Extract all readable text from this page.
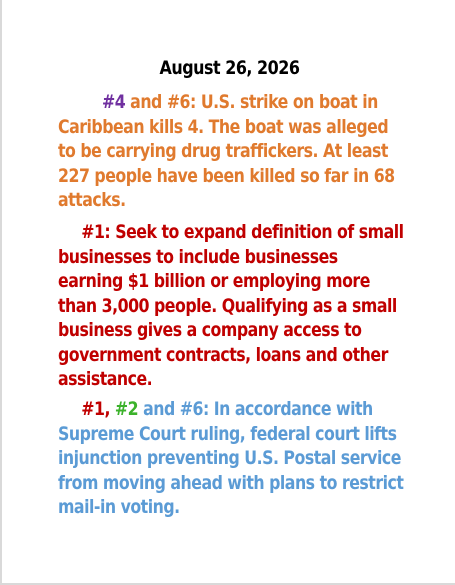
August 26, 2026

#4 and #6: U.S. strike on boat in Caribbean kills 4. The boat was alleged to be carrying drug traffickers. At least 227 people have been killed so far in 68 attacks.

#1: Seek to expand definition of small businesses to include businesses earning $1 billion or employing more than 3,000 people. Qualifying as a small business gives a company access to government contracts, loans and other assistance.

#1, #2 and #6: In accordance with Supreme Court ruling, federal court lifts injunction preventing U.S. Postal service from moving ahead with plans to restrict mail-in voting.
